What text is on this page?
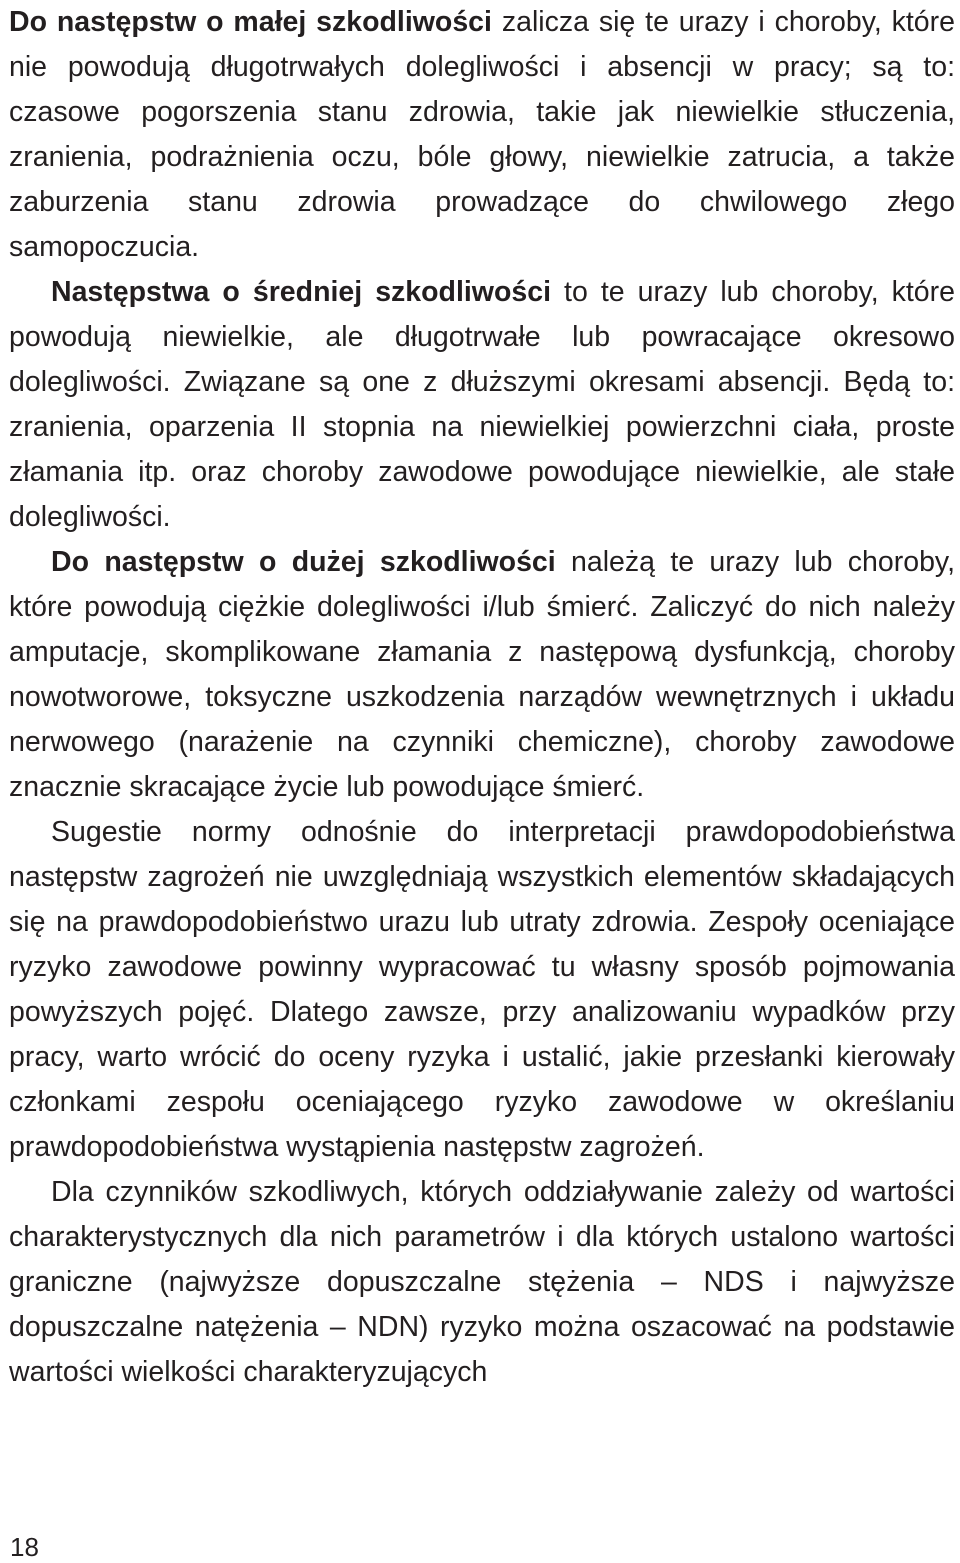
Do następstw o małej szkodliwości zalicza się te urazy i choroby, które nie powodują długotrwałych dolegliwości i absencji w pracy; są to: czasowe pogorszenia stanu zdrowia, takie jak niewielkie stłuczenia, zranienia, podrażnienia oczu, bóle głowy, niewielkie zatrucia, a także zaburzenia stanu zdrowia prowadzące do chwilowego złego samopoczucia.

Następstwa o średniej szkodliwości to te urazy lub choroby, które powodują niewielkie, ale długotrwałe lub powracające okresowo dolegliwości. Związane są one z dłuższymi okresami absencji. Będą to: zranienia, oparzenia II stopnia na niewielkiej powierzchni ciała, proste złamania itp. oraz choroby zawodowe powodujące niewielkie, ale stałe dolegliwości.

Do następstw o dużej szkodliwości należą te urazy lub choroby, które powodują ciężkie dolegliwości i/lub śmierć. Zaliczyć do nich należy amputacje, skomplikowane złamania z następową dysfunkcją, choroby nowotworowe, toksyczne uszkodzenia narządów wewnętrznych i układu nerwowego (narażenie na czynniki chemiczne), choroby zawodowe znacznie skracające życie lub powodujące śmierć.

Sugestie normy odnośnie do interpretacji prawdopodobieństwa następstw zagrożeń nie uwzględniają wszystkich elementów składających się na prawdopodobieństwo urazu lub utraty zdrowia. Zespoły oceniające ryzyko zawodowe powinny wypracować tu własny sposób pojmowania powyższych pojęć. Dlatego zawsze, przy analizowaniu wypadków przy pracy, warto wrócić do oceny ryzyka i ustalić, jakie przesłanki kierowały członkami zespołu oceniającego ryzyko zawodowe w określaniu prawdopodobieństwa wystąpienia następstw zagrożeń.

Dla czynników szkodliwych, których oddziaływanie zależy od wartości charakterystycznych dla nich parametrów i dla których ustalono wartości graniczne (najwyższe dopuszczalne stężenia – NDS i najwyższe dopuszczalne natężenia – NDN) ryzyko można oszacować na podstawie wartości wielkości charakteryzujących

18
